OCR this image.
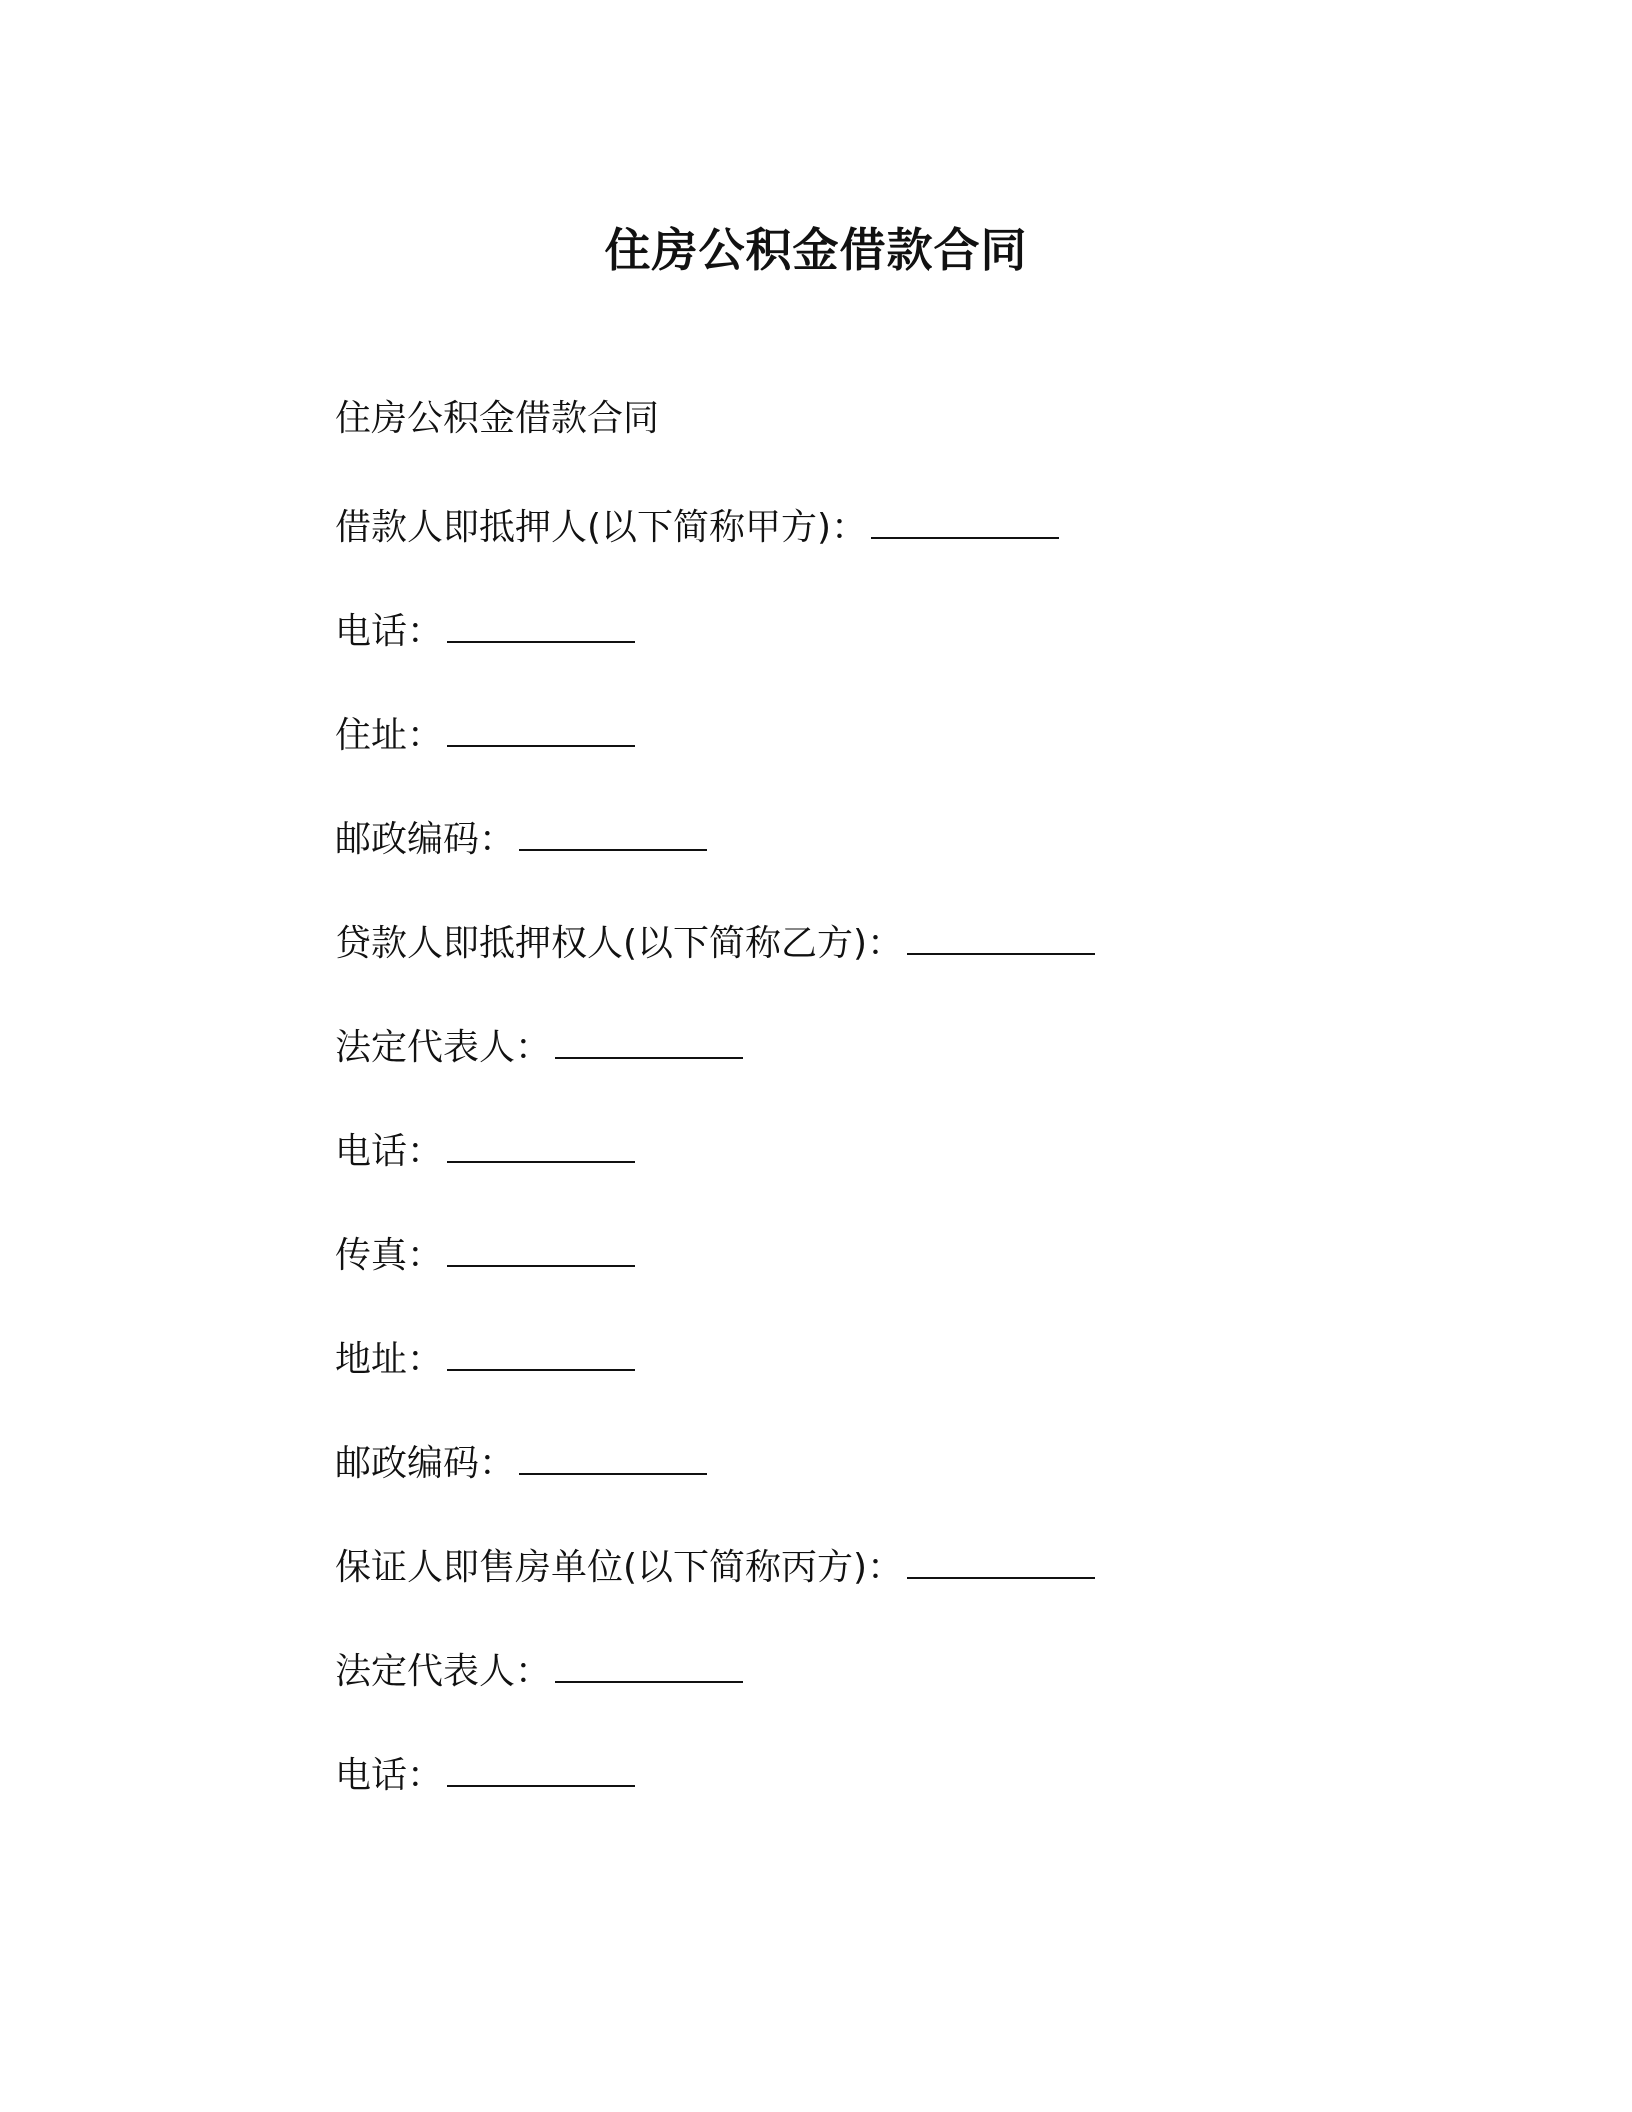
住房公积金借款合同
住房公积金借款合同
借款人即抵押人(以下简称甲方)：
电话：
住址：
邮政编码：
贷款人即抵押权人(以下简称乙方)：
法定代表人：
电话：
传真：
地址：
邮政编码：
保证人即售房单位(以下简称丙方)：
法定代表人：
电话：
